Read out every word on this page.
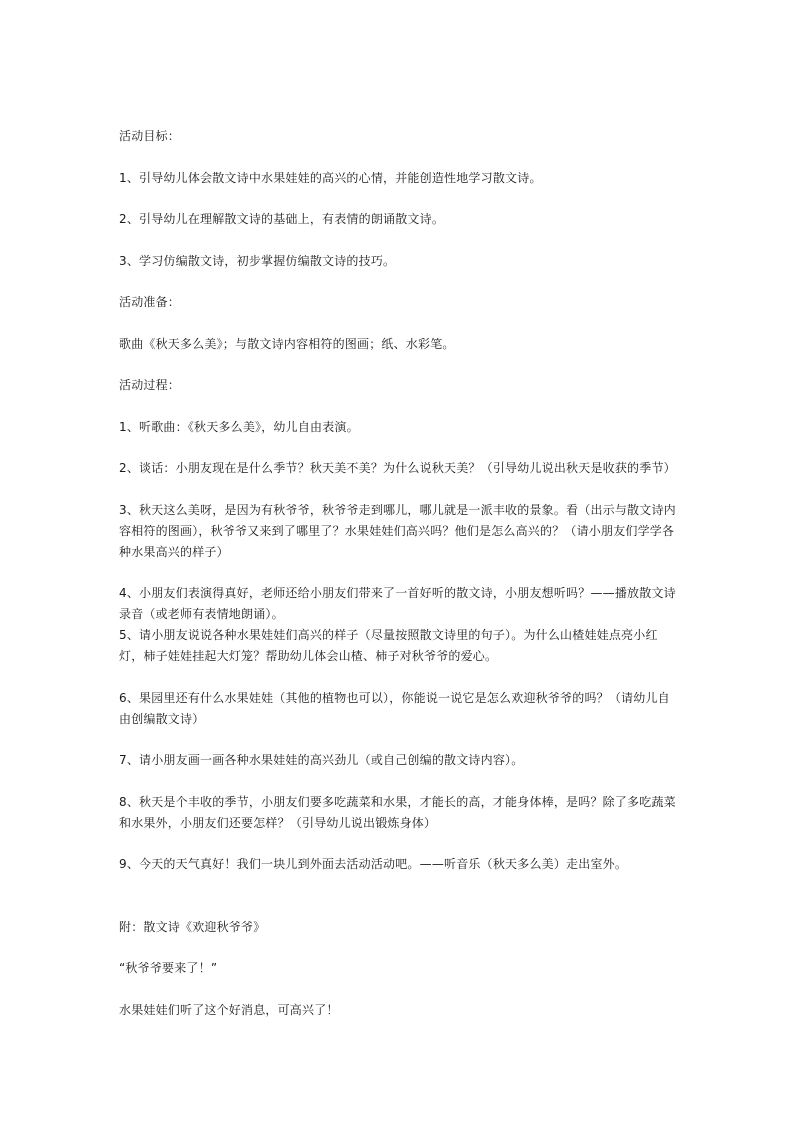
活动目标：
1、引导幼儿体会散文诗中水果娃娃的高兴的心情，并能创造性地学习散文诗。
2、引导幼儿在理解散文诗的基础上，有表情的朗诵散文诗。
3、学习仿编散文诗，初步掌握仿编散文诗的技巧。
活动准备：
歌曲《秋天多么美》；与散文诗内容相符的图画；纸、水彩笔。
活动过程：
1、听歌曲：《秋天多么美》，幼儿自由表演。
2、谈话：小朋友现在是什么季节？秋天美不美？为什么说秋天美？（引导幼儿说出秋天是收获的季节）
3、秋天这么美呀，是因为有秋爷爷，秋爷爷走到哪儿，哪儿就是一派丰收的景象。看（出示与散文诗内容相符的图画），秋爷爷又来到了哪里了？水果娃娃们高兴吗？他们是怎么高兴的？（请小朋友们学学各种水果高兴的样子）
4、小朋友们表演得真好，老师还给小朋友们带来了一首好听的散文诗，小朋友想听吗？——播放散文诗录音（或老师有表情地朗诵）。
5、请小朋友说说各种水果娃娃们高兴的样子（尽量按照散文诗里的句子）。为什么山楂娃娃点亮小红灯，柿子娃娃挂起大灯笼？帮助幼儿体会山楂、柿子对秋爷爷的爱心。
6、果园里还有什么水果娃娃（其他的植物也可以），你能说一说它是怎么欢迎秋爷爷的吗？（请幼儿自由创编散文诗）
7、请小朋友画一画各种水果娃娃的高兴劲儿（或自己创编的散文诗内容）。
8、秋天是个丰收的季节，小朋友们要多吃蔬菜和水果，才能长的高，才能身体棒，是吗？除了多吃蔬菜和水果外，小朋友们还要怎样？（引导幼儿说出锻炼身体）
9、今天的天气真好！我们一块儿到外面去活动活动吧。——听音乐（秋天多么美）走出室外。
附：散文诗《欢迎秋爷爷》
“秋爷爷要来了！”
水果娃娃们听了这个好消息，可高兴了！
